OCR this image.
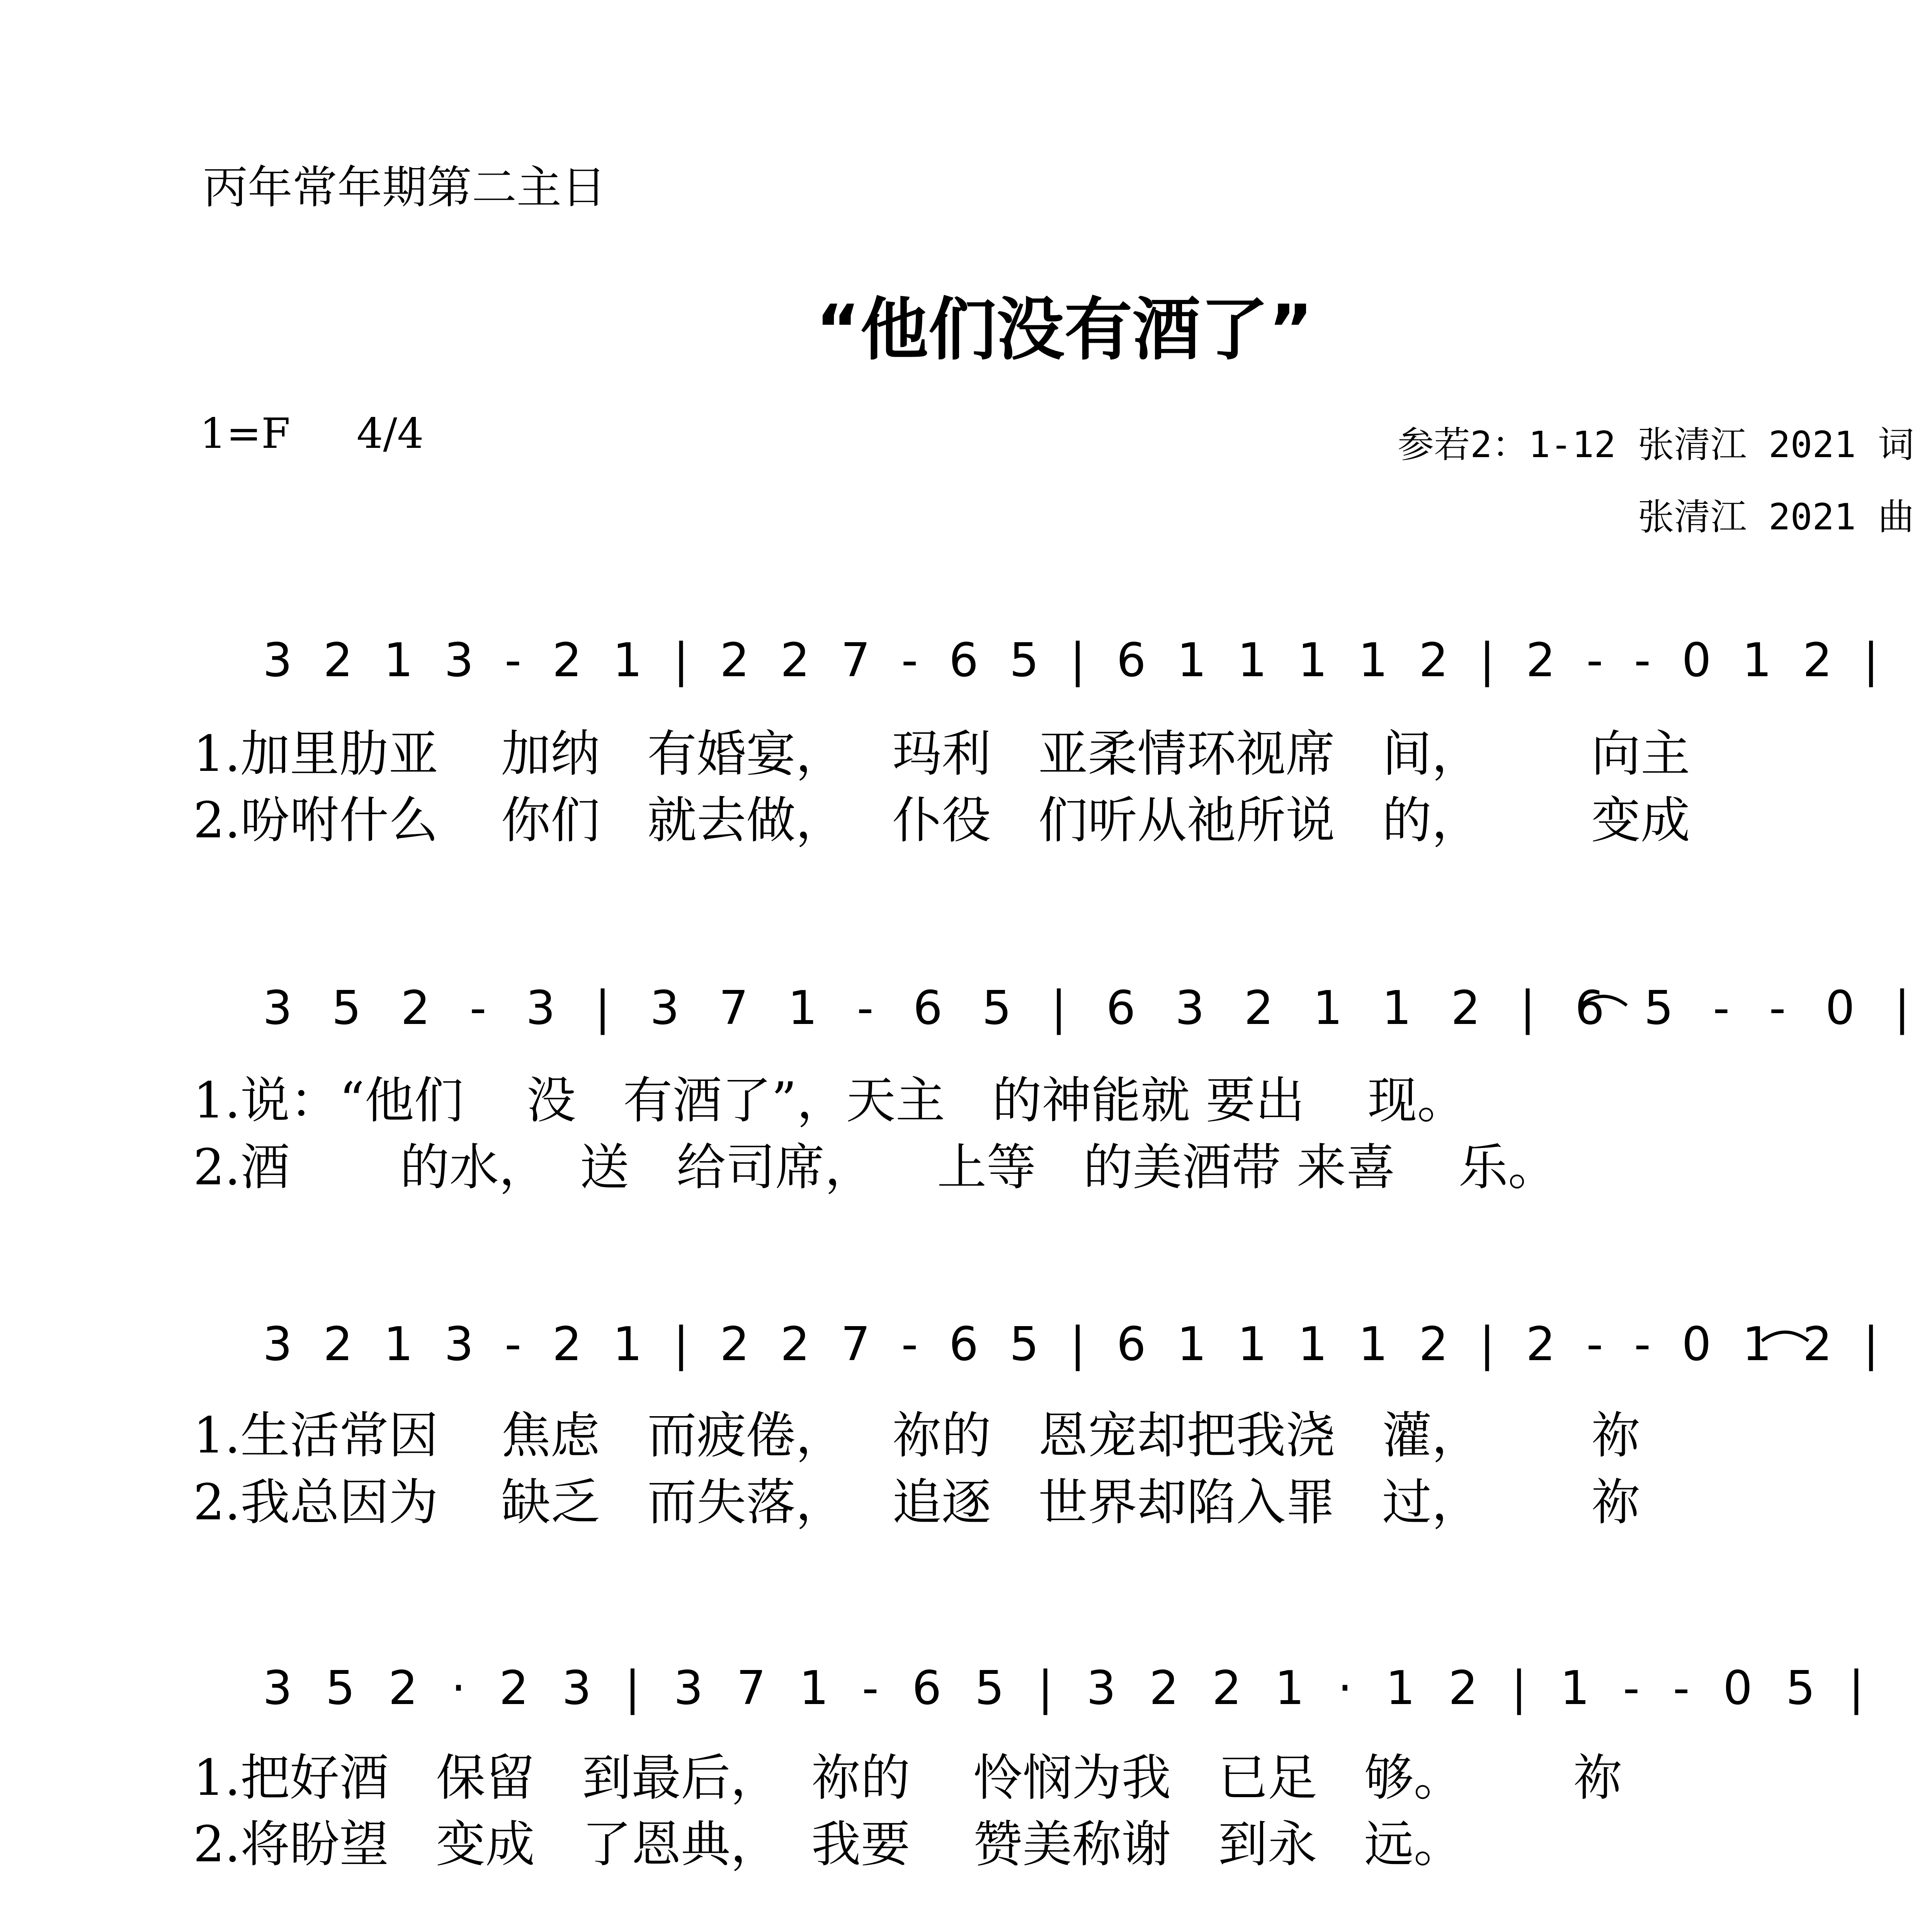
丙年常年期第二主日
“他们没有酒了”
1=F 4/4	参若2：1-12 张清江 2021 词
张清江 2021 曲
3 2 1 3 - 2 1 | 2 2 7 - 6 5 | 6 1 1 1 1 2 | 2 - - 0 1 2 |
1.加里肋亚    加纳   有婚宴，   玛利   亚柔情环视席   间，       向主
2.吩咐什么    你们   就去做，   仆役   们听从祂所说   的，       变成
3 5 2 - 3 | 3 7 1 - 6 5 | 6 3 2 1 1 2 | 6 5 - - 0 |
1.说：“他们    没   有酒了”，天主   的神能就 要出    现。
2.酒       的水，  送   给司席，    上等   的美酒带 来喜    乐。
3 2 1 3 - 2 1 | 2 2 7 - 6 5 | 6 1 1 1 1 2 | 2 - - 0 1 2 |
1.生活常因    焦虑   而疲倦，   祢的   恩宠却把我浇   灌，       祢
2.我总因为    缺乏   而失落，   追逐   世界却陷入罪   过，       祢
3 5 2 · 2 3 | 3 7 1 - 6 5 | 3 2 2 1 · 1 2 | 1 - - 0 5 |
1.把好酒   保留   到最后，  祢的    怜悯为我   已足   够。       祢
2.将盼望   变成   了恩典，  我要    赞美称谢   到永   远。
